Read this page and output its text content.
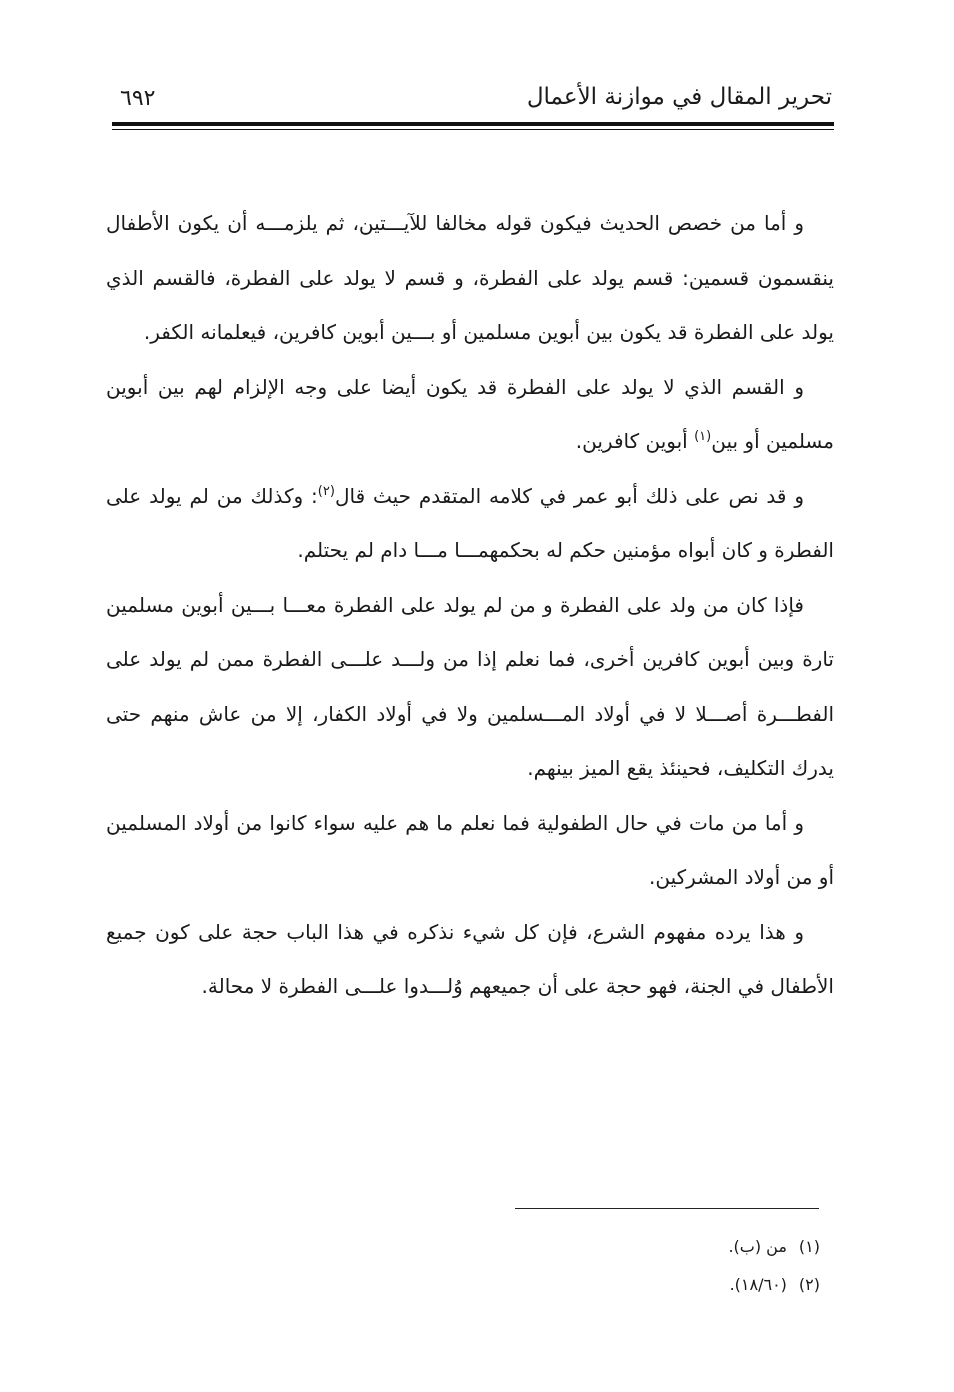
تحرير المقال في موازنة الأعمال
٦٩٢

و أما من خصص الحديث فيكون قوله مخالفا للآيـــتين، ثم يلزمـــه أن يكون الأطفال ينقسمون قسمين: قسم يولد على الفطرة، و قسم لا يولد على الفطرة، فالقسم الذي يولد على الفطرة قد يكون بين أبوين مسلمين أو بـــين أبوين كافرين، فيعلمانه الكفر.

و القسم الذي لا يولد على الفطرة قد يكون أيضا على وجه الإلزام لهم بين أبوين مسلمين أو بين$^{(١)}$ أبوين كافرين.

و قد نص على ذلك أبو عمر في كلامه المتقدم حيث قال$^{(٢)}$: وكذلك من لم يولد على الفطرة و كان أبواه مؤمنين حكم له بحكمهمـــا مـــا دام لم يحتلم.

فإذا كان من ولد على الفطرة و من لم يولد على الفطرة معـــا بـــين أبوين مسلمين تارة وبين أبوين كافرين أخرى، فما نعلم إذا من ولـــد علـــى الفطرة ممن لم يولد على الفطـــرة أصـــلا لا في أولاد المـــسلمين ولا في أولاد الكفار، إلا من عاش منهم حتى يدرك التكليف، فحينئذ يقع الميز بينهم.

و أما من مات في حال الطفولية فما نعلم ما هم عليه سواء كانوا من أولاد المسلمين أو من أولاد المشركين.

و هذا يرده مفهوم الشرع، فإن كل شيء نذكره في هذا الباب حجة على كون جميع الأطفال في الجنة، فهو حجة على أن جميعهم وُلـــدوا علـــى الفطرة لا محالة.

(١)من (ب).
(٢)(١٨/٦٠).
